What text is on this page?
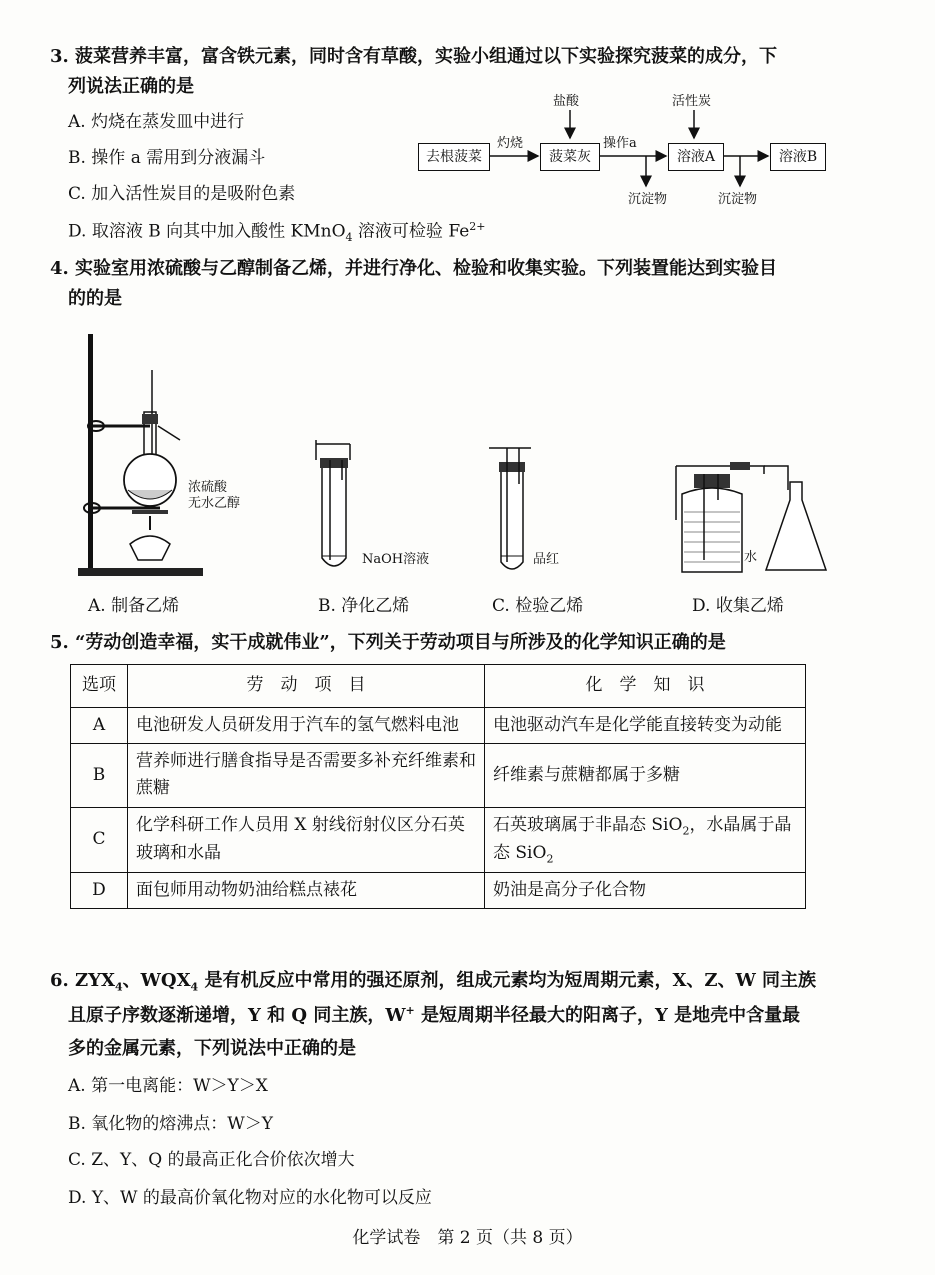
3. 菠菜营养丰富，富含铁元素，同时含有草酸，实验小组通过以下实验探究菠菜的成分，下
列说法正确的是
A. 灼烧在蒸发皿中进行
B. 操作 a 需用到分液漏斗
C. 加入活性炭目的是吸附色素
D. 取溶液 B 向其中加入酸性 KMnO$_4$ 溶液可检验 $Fe^{2+}$
去根菠菜
灼烧
菠菜灰
盐酸
操作a
溶液A
活性炭
溶液B
沉淀物	沉淀物
4. 实验室用浓硫酸与乙醇制备乙烯，并进行净化、检验和收集实验。下列装置能达到实验目
的的是
浓硫酸
无水乙醇
NaOH溶液	品红	水
A. 制备乙烯	B. 净化乙烯	C. 检验乙烯	D. 收集乙烯
5. “劳动创造幸福，实干成就伟业”，下列关于劳动项目与所涉及的化学知识正确的是
选项	劳　动　项　目	化　学　知　识
A	电池研发人员研发用于汽车的氢气燃料电池	电池驱动汽车是化学能直接转变为动能
B	营养师进行膳食指导是否需要多补充纤维素和蔗糖	纤维素与蔗糖都属于多糖
C	化学科研工作人员用 X 射线衍射仪区分石英玻璃和水晶	石英玻璃属于非晶态 SiO$_2$，水晶属于晶态 SiO$_2$
D	面包师用动物奶油给糕点裱花	奶油是高分子化合物
6. $ZYX_4$、$WQX_4$ 是有机反应中常用的强还原剂，组成元素均为短周期元素，X、Z、W 同主族
且原子序数逐渐递增，Y 和 Q 同主族，W+ 是短周期半径最大的阳离子，Y 是地壳中含量最
多的金属元素，下列说法中正确的是
A. 第一电离能：W＞Y＞X
B. 氧化物的熔沸点：W＞Y
C. Z、Y、Q 的最高正化合价依次增大
D. Y、W 的最高价氧化物对应的水化物可以反应
化学试卷　第 2 页（共 8 页）
